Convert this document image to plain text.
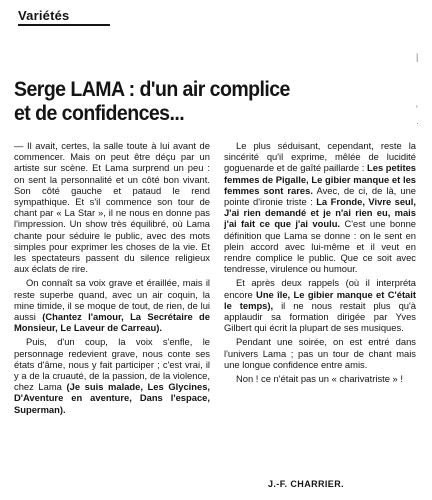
Variétés
|
'
·
Serge LAMA : d'un air complice
et de confidences...

— Il avait, certes, la salle toute à lui avant de commencer. Mais on peut être déçu par un artiste sur scène. Et Lama surprend un peu : on sent la personnalité et un côté bon vivant. Son côté gauche et pataud le rend sympathique. Et s'il commence son tour de chant par « La Star », il ne nous en donne pas l'impression. Un show très équilibré, où Lama chante pour séduire le public, avec des mots simples pour exprimer les choses de la vie. Et les spectateurs passent du silence religieux aux éclats de rire.

On connaît sa voix grave et éraillée, mais il reste superbe quand, avec un air coquin, la mine timide, il se moque de tout, de rien, de lui aussi (Chantez l'amour, La Secrétaire de Monsieur, Le Laveur de Carreau).

Puis, d'un coup, la voix s'enfle, le personnage redevient grave, nous conte ses états d'âme, nous y fait participer ; c'est vrai, il y a de la cruauté, de la passion, de la violence, chez Lama (Je suis malade, Les Glycines, D'Aventure en aventure, Dans l'espace, Superman).

Le plus séduisant, cependant, reste la sincérité qu'il exprime, mêlée de lucidité goguenarde et de gaîté paillarde : Les petites femmes de Pigalle, Le gibier manque et les femmes sont rares. Avec, de ci, de là, une pointe d'ironie triste : La Fronde, Vivre seul, J'ai rien demandé et je n'ai rien eu, mais j'ai fait ce que j'ai voulu. C'est une bonne définition que Lama se donne : on le sent en plein accord avec lui-même et il veut en rendre complice le public. Que ce soit avec tendresse, virulence ou humour.

Et après deux rappels (où il interpréta encore Une île, Le gibier manque et C'était le temps), il ne nous restait plus qu'à applaudir sa formation dirigée par Yves Gilbert qui écrit la plupart de ses musiques.

Pendant une soirée, on est entré dans l'univers Lama ; pas un tour de chant mais une longue confidence entre amis.

Non ! ce n'était pas un « charivatriste » !

J.-F. CHARRIER.
